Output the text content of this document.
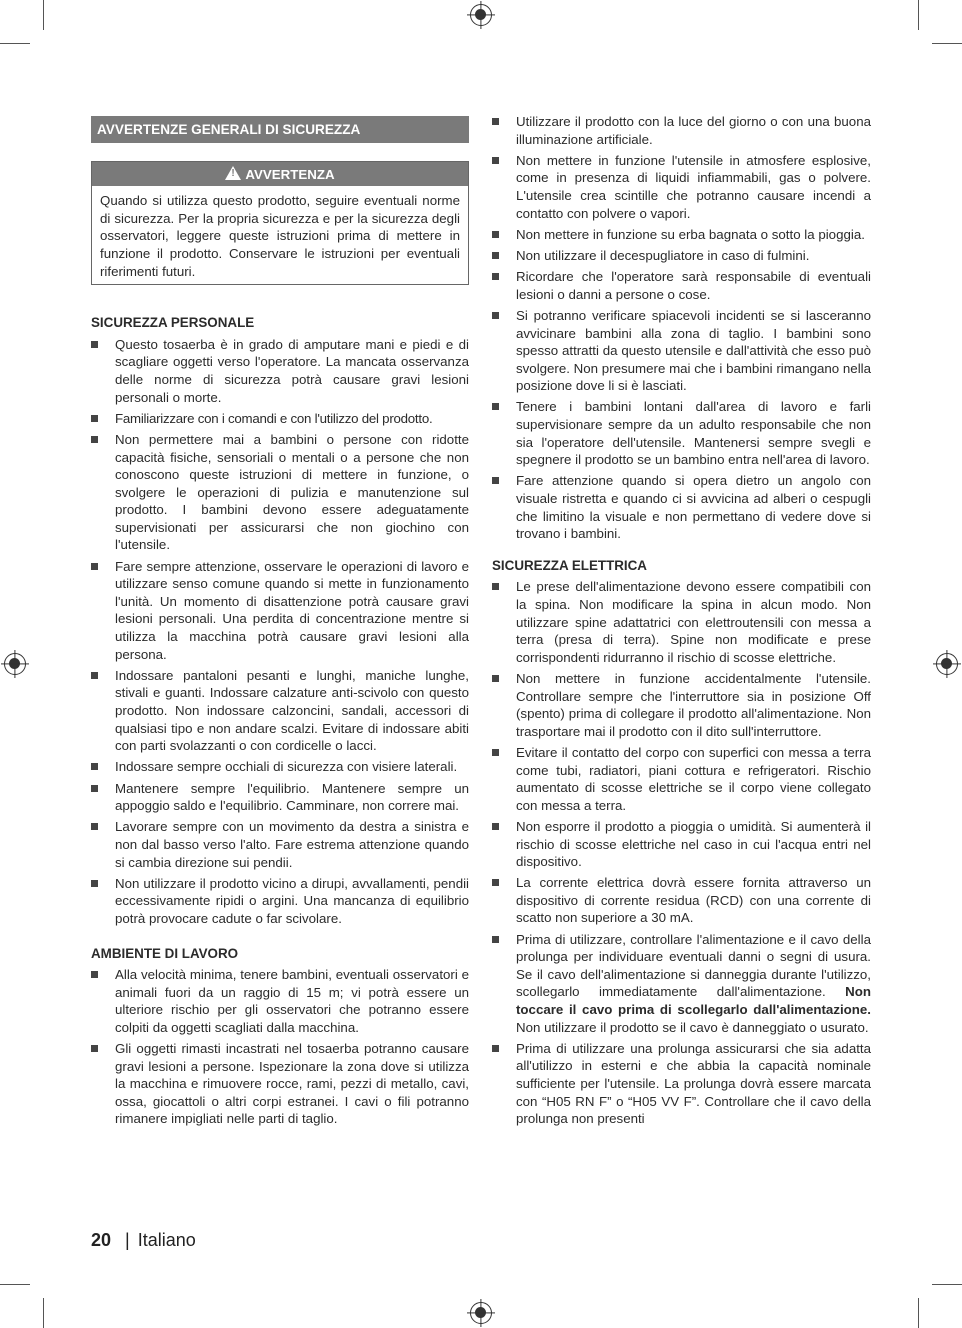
AVVERTENZE GENERALI DI SICUREZZA
!AVVERTENZA
Quando si utilizza questo prodotto, seguire eventuali norme di sicurezza. Per la propria sicurezza e per la sicurezza degli osservatori, leggere queste istruzioni prima di mettere in funzione il prodotto. Conservare le istruzioni per eventuali riferimenti futuri.
SICUREZZA PERSONALE
Questo tosaerba è in grado di amputare mani e piedi e di scagliare oggetti verso l'operatore. La mancata osservanza delle norme di sicurezza potrà causare gravi lesioni personali o morte.
Familiarizzare con i comandi e con l'utilizzo del prodotto.
Non permettere mai a bambini o persone con ridotte capacità fisiche, sensoriali o mentali o a persone che non conoscono queste istruzioni di mettere in funzione, o svolgere le operazioni di pulizia e manutenzione sul prodotto. I bambini devono essere adeguatamente supervisionati per assicurarsi che non giochino con l'utensile.
Fare sempre attenzione, osservare le operazioni di lavoro e utilizzare senso comune quando si mette in funzionamento l'unità. Un momento di disattenzione potrà causare gravi lesioni personali. Una perdita di concentrazione mentre si utilizza la macchina potrà causare gravi lesioni alla persona.
Indossare pantaloni pesanti e lunghi, maniche lunghe, stivali e guanti. Indossare calzature anti-scivolo con questo prodotto. Non indossare calzoncini, sandali, accessori di qualsiasi tipo e non andare scalzi. Evitare di indossare abiti con parti svolazzanti o con cordicelle o lacci.
Indossare sempre occhiali di sicurezza con visiere laterali.
Mantenere sempre l'equilibrio. Mantenere sempre un appoggio saldo e l'equilibrio. Camminare, non correre mai.
Lavorare sempre con un movimento da destra a sinistra e non dal basso verso l'alto. Fare estrema attenzione quando si cambia direzione sui pendii.
Non utilizzare il prodotto vicino a dirupi, avvallamenti, pendii eccessivamente ripidi o argini. Una mancanza di equilibrio potrà provocare cadute o far scivolare.
AMBIENTE DI LAVORO
Alla velocità minima, tenere bambini, eventuali osservatori e animali fuori da un raggio di 15 m; vi potrà essere un ulteriore rischio per gli osservatori che potranno essere colpiti da oggetti scagliati dalla macchina.
Gli oggetti rimasti incastrati nel tosaerba potranno causare gravi lesioni a persone. Ispezionare la zona dove si utilizza la macchina e rimuovere rocce, rami, pezzi di metallo, cavi, ossa, giocattoli o altri corpi estranei. I cavi o fili potranno rimanere impigliati nelle parti di taglio.
Utilizzare il prodotto con la luce del giorno o con una buona illuminazione artificiale.
Non mettere in funzione l'utensile in atmosfere esplosive, come in presenza di liquidi infiammabili, gas o polvere. L'utensile crea scintille che potranno causare incendi a contatto con polvere o vapori.
Non mettere in funzione su erba bagnata o sotto la pioggia.
Non utilizzare il decespugliatore in caso di fulmini.
Ricordare che l'operatore sarà responsabile di eventuali lesioni o danni a persone o cose.
Si potranno verificare spiacevoli incidenti se si lasceranno avvicinare bambini alla zona di taglio. I bambini sono spesso attratti da questo utensile e dall'attività che esso può svolgere. Non presumere mai che i bambini rimangano nella posizione dove li si è lasciati.
Tenere i bambini lontani dall'area di lavoro e farli supervisionare sempre da un adulto responsabile che non sia l'operatore dell'utensile. Mantenersi sempre svegli e spegnere il prodotto se un bambino entra nell'area di lavoro.
Fare attenzione quando si opera dietro un angolo con visuale ristretta e quando ci si avvicina ad alberi o cespugli che limitino la visuale e non permettano di vedere dove si trovano i bambini.
SICUREZZA ELETTRICA
Le prese dell'alimentazione devono essere compatibili con la spina. Non modificare la spina in alcun modo. Non utilizzare spine adattatrici con elettroutensili con messa a terra (presa di terra). Spine non modificate e prese corrispondenti ridurranno il rischio di scosse elettriche.
Non mettere in funzione accidentalmente l'utensile. Controllare sempre che l'interruttore sia in posizione Off (spento) prima di collegare il prodotto all'alimentazione. Non trasportare mai il prodotto con il dito sull'interruttore.
Evitare il contatto del corpo con superfici con messa a terra come tubi, radiatori, piani cottura e refrigeratori. Rischio aumentato di scosse elettriche se il corpo viene collegato con messa a terra.
Non esporre il prodotto a pioggia o umidità. Si aumenterà il rischio di scosse elettriche nel caso in cui l'acqua entri nel dispositivo.
La corrente elettrica dovrà essere fornita attraverso un dispositivo di corrente residua (RCD) con una corrente di scatto non superiore a 30 mA.
Prima di utilizzare, controllare l'alimentazione e il cavo della prolunga per individuare eventuali danni o segni di usura. Se il cavo dell'alimentazione si danneggia durante l'utilizzo, scollegarlo immediatamente dall'alimentazione. Non toccare il cavo prima di scollegarlo dall'alimentazione. Non utilizzare il prodotto se il cavo è danneggiato o usurato.
Prima di utilizzare una prolunga assicurarsi che sia adatta all'utilizzo in esterni e che abbia la capacità nominale sufficiente per l'utensile. La prolunga dovrà essere marcata con “H05 RN F” o “H05 VV F”. Controllare che il cavo della prolunga non presenti
20 | Italiano
